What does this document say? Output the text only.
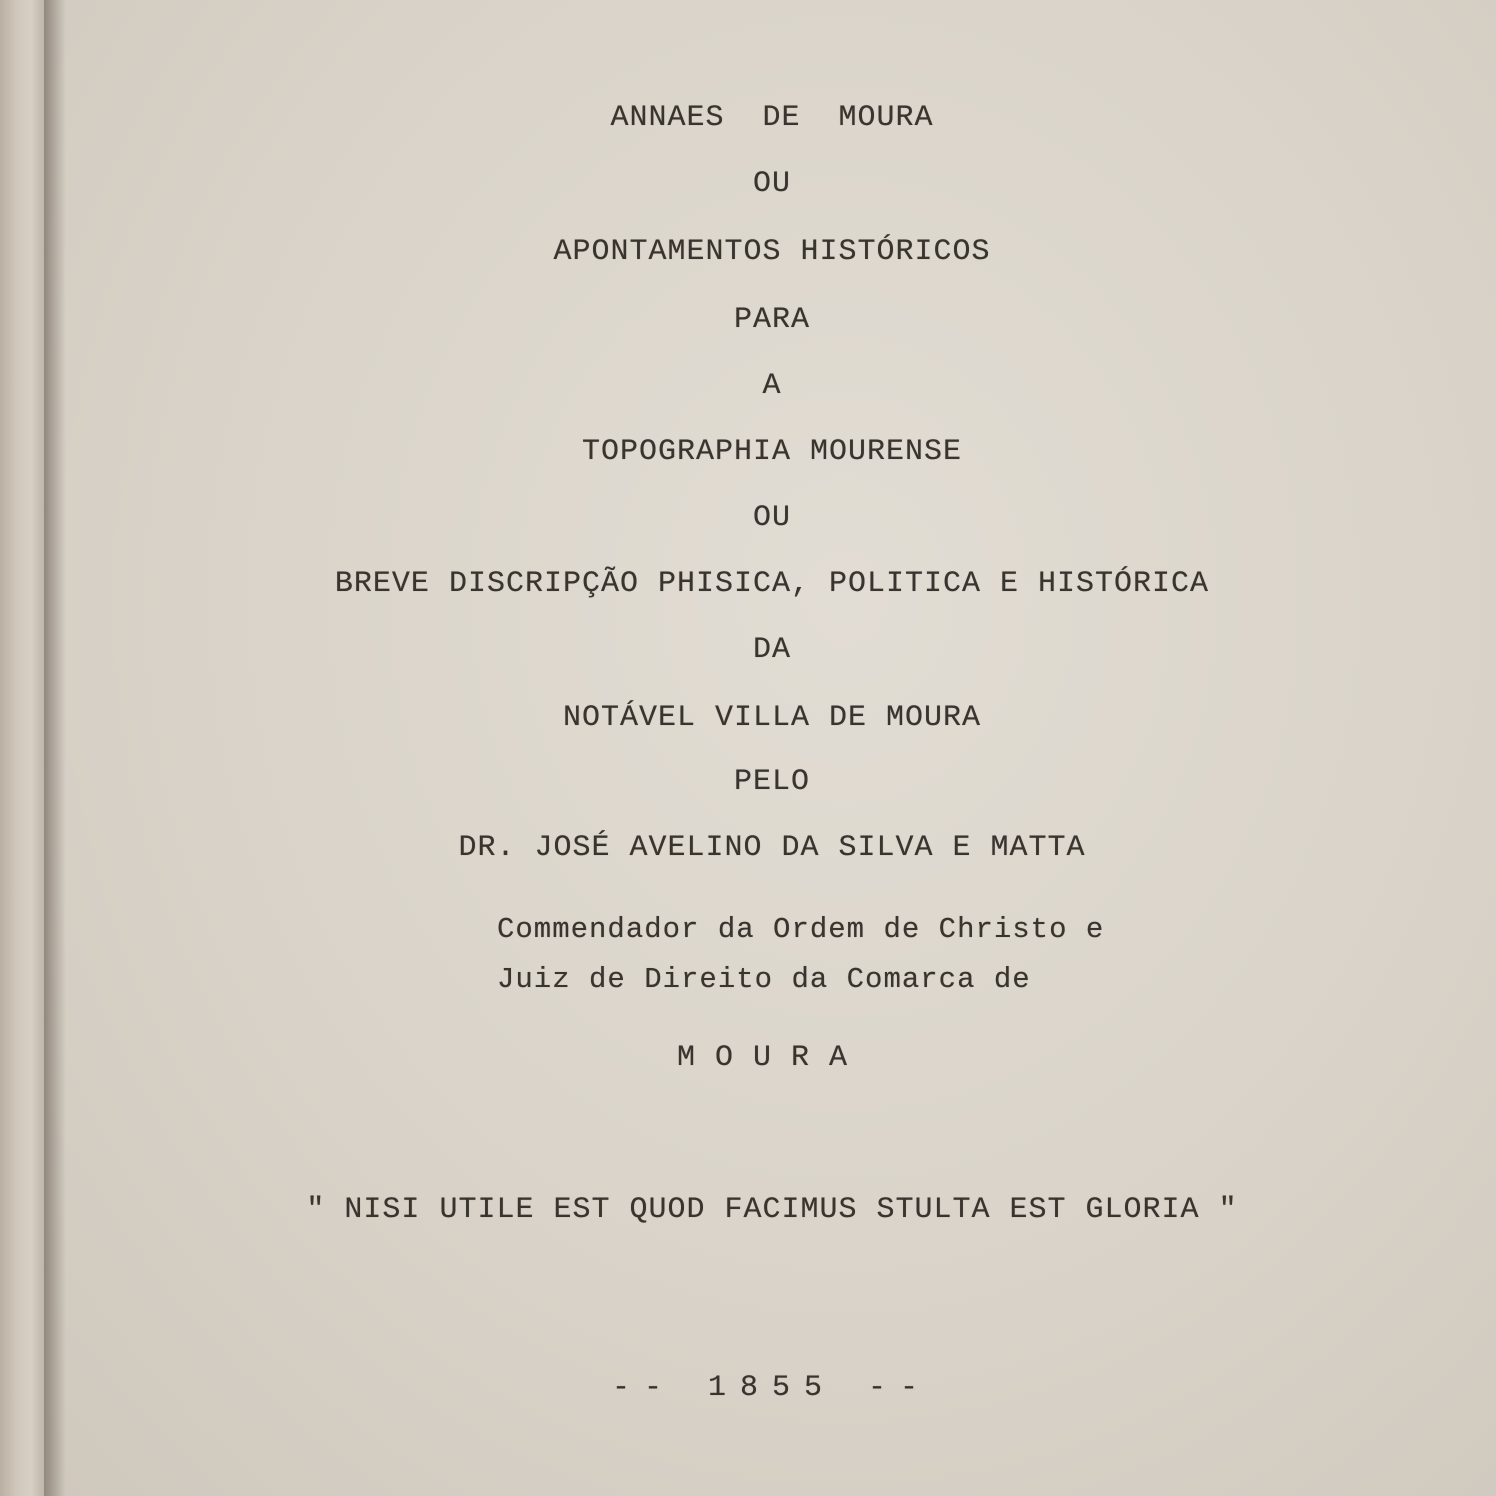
ANNAES  DE  MOURA
OU
APONTAMENTOS HISTÓRICOS
PARA
A
TOPOGRAPHIA MOURENSE
OU
BREVE DISCRIPÇÃO PHISICA, POLITICA E HISTÓRICA
DA
NOTÁVEL VILLA DE MOURA
PELO
DR. JOSÉ AVELINO DA SILVA E MATTA
Commendador da Ordem de Christo e
Juiz de Direito da Comarca de
MOURA
" NISI UTILE EST QUOD FACIMUS STULTA EST GLORIA "
-- 1855 --
